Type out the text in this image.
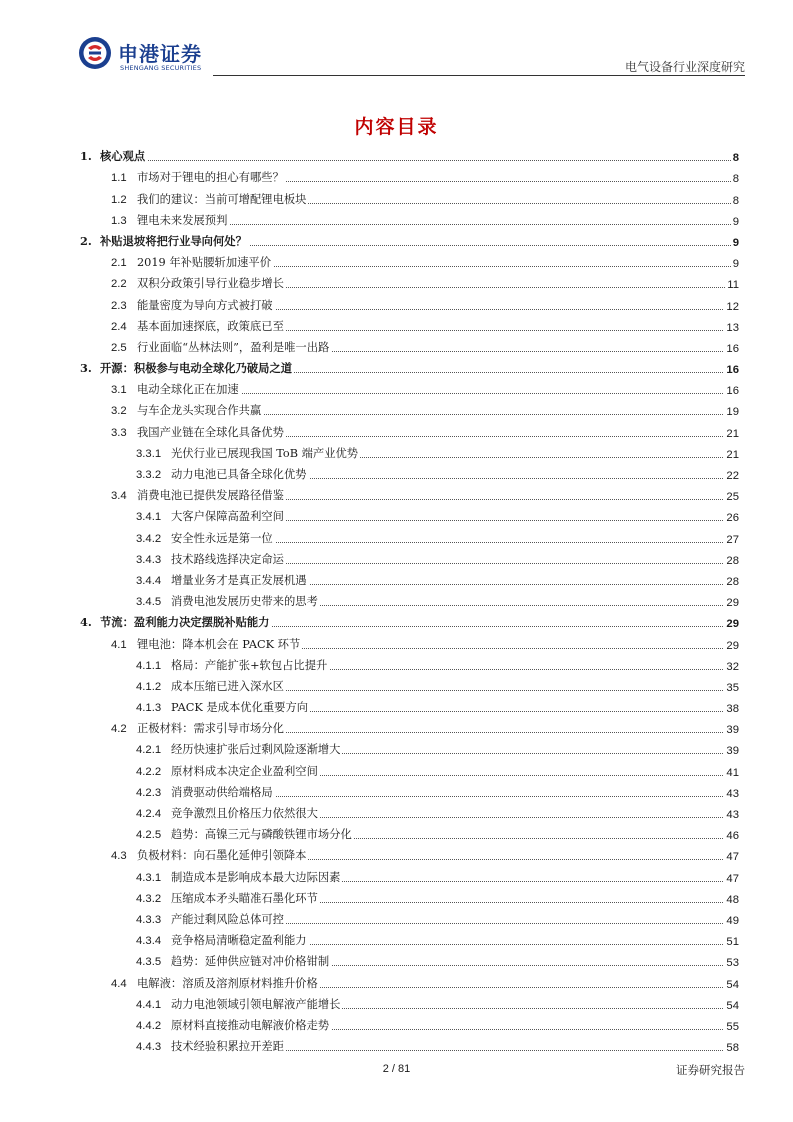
申港证券
SHENGANG SECURITIES	电气设备行业深度研究
内容目录
1. 核心观点	8
1.1 市场对于锂电的担心有哪些？	8
1.2 我们的建议：当前可增配锂电板块	8
1.3 锂电未来发展预判	9
2. 补贴退坡将把行业导向何处？	9
2.1 2019 年补贴腰斩加速平价	9
2.2 双积分政策引导行业稳步增长	11
2.3 能量密度为导向方式被打破	12
2.4 基本面加速探底，政策底已至	13
2.5 行业面临“丛林法则”，盈利是唯一出路	16
3. 开源：积极参与电动全球化乃破局之道	16
3.1 电动全球化正在加速	16
3.2 与车企龙头实现合作共赢	19
3.3 我国产业链在全球化具备优势	21
3.3.1 光伏行业已展现我国 ToB 端产业优势	21
3.3.2 动力电池已具备全球化优势	22
3.4 消费电池已提供发展路径借鉴	25
3.4.1 大客户保障高盈利空间	26
3.4.2 安全性永远是第一位	27
3.4.3 技术路线选择决定命运	28
3.4.4 增量业务才是真正发展机遇	28
3.4.5 消费电池发展历史带来的思考	29
4. 节流：盈利能力决定摆脱补贴能力	29
4.1 锂电池：降本机会在 PACK 环节	29
4.1.1 格局：产能扩张+软包占比提升	32
4.1.2 成本压缩已进入深水区	35
4.1.3 PACK 是成本优化重要方向	38
4.2 正极材料：需求引导市场分化	39
4.2.1 经历快速扩张后过剩风险逐渐增大	39
4.2.2 原材料成本决定企业盈利空间	41
4.2.3 消费驱动供给端格局	43
4.2.4 竞争激烈且价格压力依然很大	43
4.2.5 趋势：高镍三元与磷酸铁锂市场分化	46
4.3 负极材料：向石墨化延伸引领降本	47
4.3.1 制造成本是影响成本最大边际因素	47
4.3.2 压缩成本矛头瞄准石墨化环节	48
4.3.3 产能过剩风险总体可控	49
4.3.4 竞争格局清晰稳定盈利能力	51
4.3.5 趋势：延伸供应链对冲价格钳制	53
4.4 电解液：溶质及溶剂原材料推升价格	54
4.4.1 动力电池领域引领电解液产能增长	54
4.4.2 原材料直接推动电解液价格走势	55
4.4.3 技术经验积累拉开差距	58
2 / 81	证券研究报告
